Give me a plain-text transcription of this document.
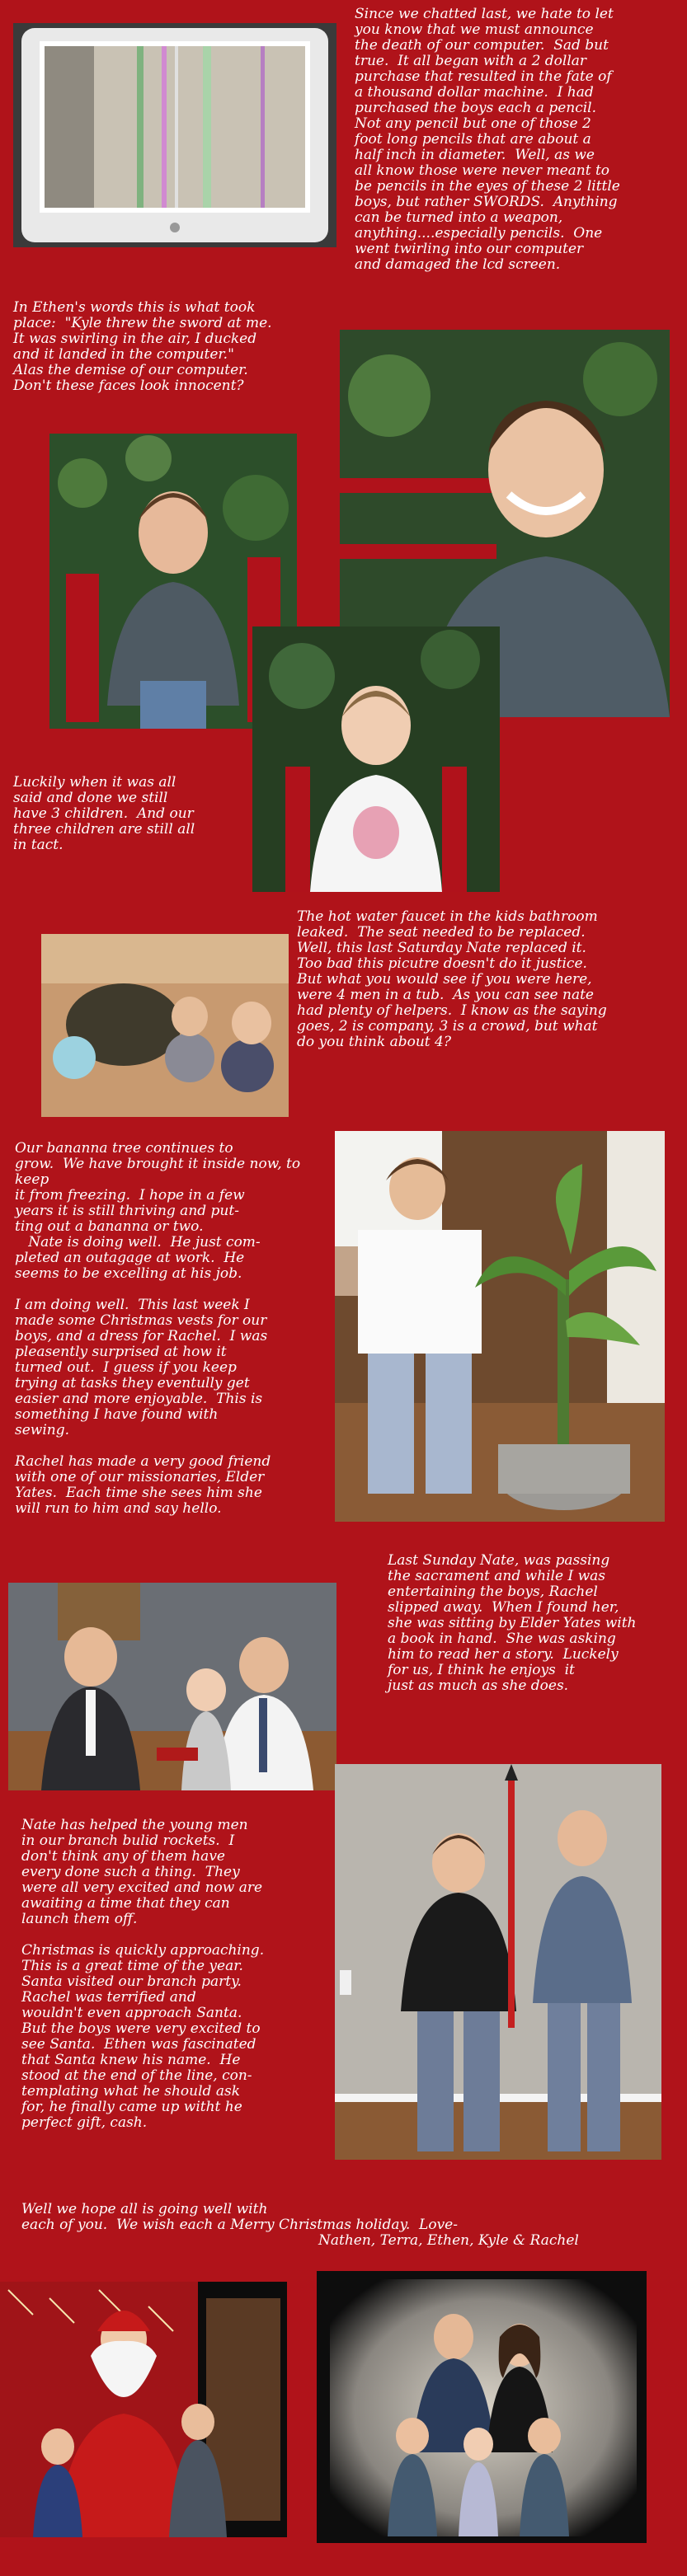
Since we chatted last, we hate to let
you know that we must announce
the death of our computer.  Sad but
true.  It all began with a 2 dollar
purchase that resulted in the fate of
a thousand dollar machine.  I had
purchased the boys each a pencil.
Not any pencil but one of those 2
foot long pencils that are about a
half inch in diameter.  Well, as we
all know those were never meant to
be pencils in the eyes of these 2 little
boys, but rather SWORDS.  Anything
can be turned into a weapon,
anything....especially pencils.  One
went twirling into our computer
and damaged the lcd screen.
In Ethen's words this is what took
place:  "Kyle threw the sword at me.
It was swirling in the air, I ducked
and it landed in the computer."
Alas the demise of our computer.
Don't these faces look innocent?
Luckily when it was all
said and done we still
have 3 children.  And our
three children are still all
in tact.
The hot water faucet in the kids bathroom
leaked.  The seat needed to be replaced.
Well, this last Saturday Nate replaced it.
Too bad this picutre doesn't do it justice.
But what you would see if you were here,
were 4 men in a tub.  As you can see nate
had plenty of helpers.  I know as the saying
goes, 2 is company, 3 is a crowd, but what
do you think about 4?
Our bananna tree continues to
grow.  We have brought it inside now, to keep
it from freezing.  I hope in a few
years it is still thriving and put-
ting out a bananna or two.
Nate is doing well.  He just com-
pleted an outagage at work.  He
seems to be excelling at his job.

I am doing well.  This last week I
made some Christmas vests for our
boys, and a dress for Rachel.  I was
pleasently surprised at how it
turned out.  I guess if you keep
trying at tasks they eventully get
easier and more enjoyable.  This is
something I have found with
sewing.

Rachel has made a very good friend
with one of our missionaries, Elder
Yates.  Each time she sees him she
will run to him and say hello.
Last Sunday Nate, was passing
the sacrament and while I was
entertaining the boys, Rachel
slipped away.  When I found her,
she was sitting by Elder Yates with
a book in hand.  She was asking
him to read her a story.  Luckely
for us, I think he enjoys  it
just as much as she does.
Nate has helped the young men
in our branch bulid rockets.  I
don't think any of them have
every done such a thing.  They
were all very excited and now are
awaiting a time that they can
launch them off.

Christmas is quickly approaching.
This is a great time of the year.
Santa visited our branch party.
Rachel was terrified and
wouldn't even approach Santa.
But the boys were very excited to
see Santa.  Ethen was fascinated
that Santa knew his name.  He
stood at the end of the line, con-
templating what he should ask
for, he finally came up witht he
perfect gift, cash.
Well we hope all is going well with
each of you.  We wish each a Merry Christmas holiday.  Love-
Nathen, Terra, Ethen, Kyle & Rachel
